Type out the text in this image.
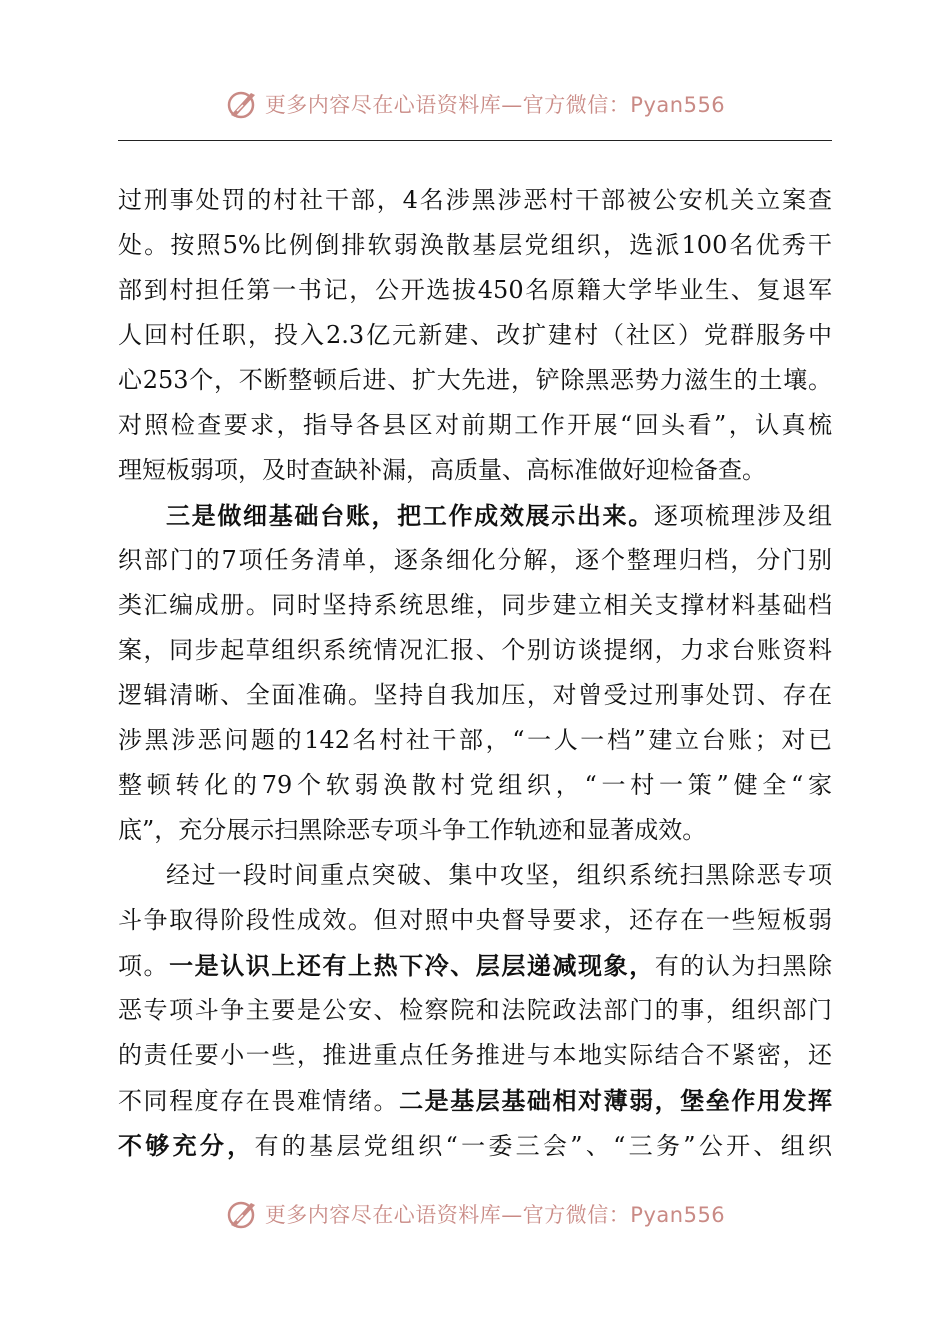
更多内容尽在心语资料库—官方微信：Pyan556
过刑事处罚的村社干部，4名涉黑涉恶村干部被公安机关立案查
处。按照5%比例倒排软弱涣散基层党组织，选派100名优秀干
部到村担任第一书记，公开选拔450名原籍大学毕业生、复退军
人回村任职，投入2.3亿元新建、改扩建村（社区）党群服务中
心253个，不断整顿后进、扩大先进，铲除黑恶势力滋生的土壤。
对照检查要求，指导各县区对前期工作开展“回头看”，认真梳
理短板弱项，及时查缺补漏，高质量、高标准做好迎检备查。
三是做细基础台账，把工作成效展示出来。逐项梳理涉及组
织部门的7项任务清单，逐条细化分解，逐个整理归档，分门别
类汇编成册。同时坚持系统思维，同步建立相关支撑材料基础档
案，同步起草组织系统情况汇报、个别访谈提纲，力求台账资料
逻辑清晰、全面准确。坚持自我加压，对曾受过刑事处罚、存在
涉黑涉恶问题的142名村社干部，“一人一档”建立台账；对已
整顿转化的79个软弱涣散村党组织，“一村一策”健全“家
底”，充分展示扫黑除恶专项斗争工作轨迹和显著成效。
经过一段时间重点突破、集中攻坚，组织系统扫黑除恶专项
斗争取得阶段性成效。但对照中央督导要求，还存在一些短板弱
项。一是认识上还有上热下冷、层层递减现象，有的认为扫黑除
恶专项斗争主要是公安、检察院和法院政法部门的事，组织部门
的责任要小一些，推进重点任务推进与本地实际结合不紧密，还
不同程度存在畏难情绪。二是基层基础相对薄弱，堡垒作用发挥
不够充分，有的基层党组织“一委三会”、“三务”公开、组织
更多内容尽在心语资料库—官方微信：Pyan556
